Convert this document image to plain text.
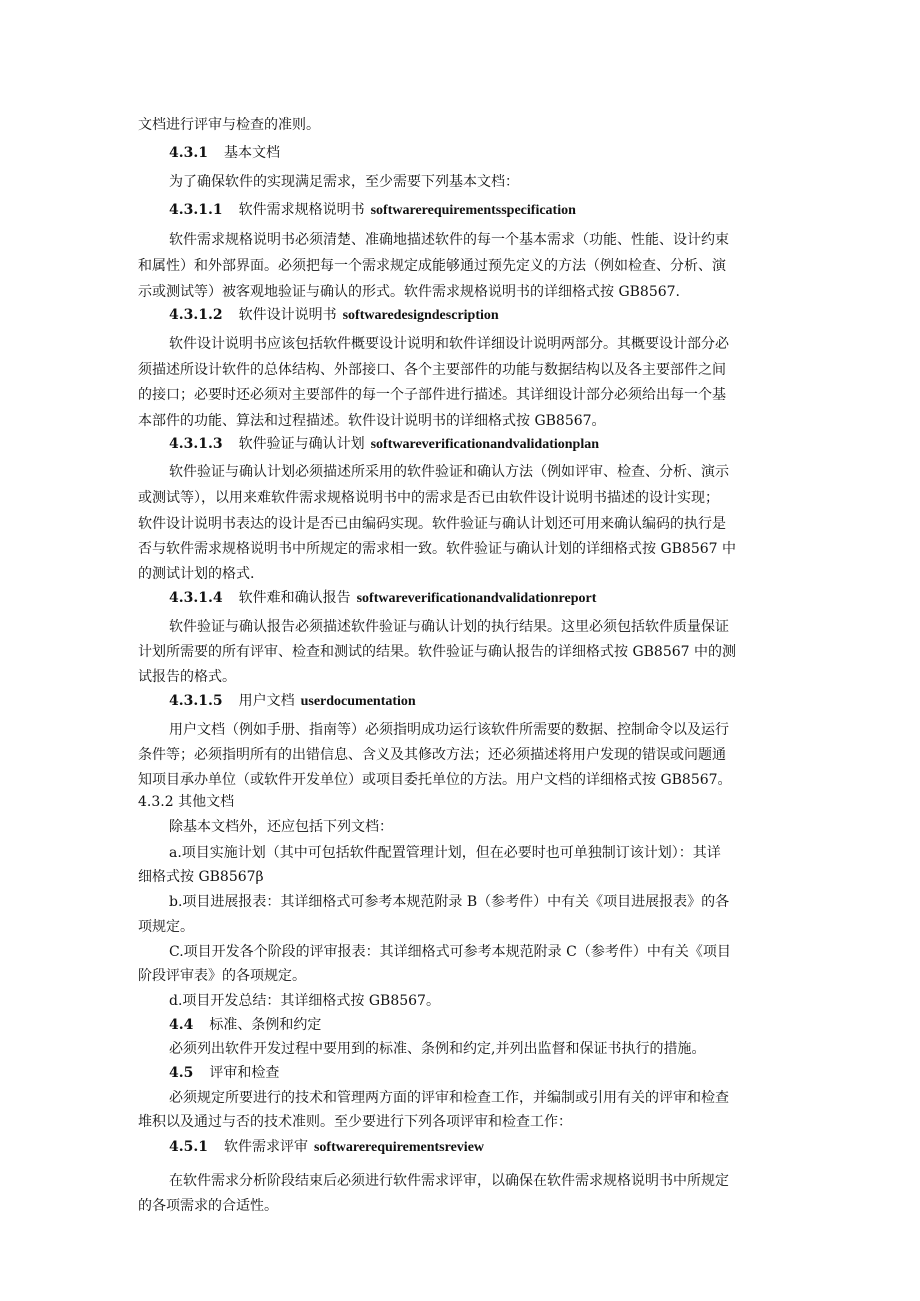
文档进行评审与检查的准则。
4.3.1 基本文档
为了确保软件的实现满足需求，至少需要下列基本文档：
4.3.1.1 软件需求规格说明书 softwarerequirementsspecification
软件需求规格说明书必须清楚、准确地描述软件的每一个基本需求（功能、性能、设计约束
和属性）和外部界面。必须把每一个需求规定成能够通过预先定义的方法（例如检查、分析、演
示或测试等）被客观地验证与确认的形式。软件需求规格说明书的详细格式按 GB8567.
4.3.1.2 软件设计说明书 softwaredesigndescription
软件设计说明书应该包括软件概要设计说明和软件详细设计说明两部分。其概要设计部分必
须描述所设计软件的总体结构、外部接口、各个主要部件的功能与数据结构以及各主要部件之间
的接口；必要时还必须对主要部件的每一个子部件进行描述。其详细设计部分必须给出每一个基
本部件的功能、算法和过程描述。软件设计说明书的详细格式按 GB8567。
4.3.1.3 软件验证与确认计划 softwareverificationandvalidationplan
软件验证与确认计划必须描述所采用的软件验证和确认方法（例如评审、检查、分析、演示
或测试等），以用来难软件需求规格说明书中的需求是否已由软件设计说明书描述的设计实现；
软件设计说明书表达的设计是否已由编码实现。软件验证与确认计划还可用来确认编码的执行是
否与软件需求规格说明书中所规定的需求相一致。软件验证与确认计划的详细格式按 GB8567 中
的测试计划的格式.
4.3.1.4 软件难和确认报告 softwareverificationandvalidationreport
软件验证与确认报告必须描述软件验证与确认计划的执行结果。这里必须包括软件质量保证
计划所需要的所有评审、检查和测试的结果。软件验证与确认报告的详细格式按 GB8567 中的测
试报告的格式。
4.3.1.5 用户文档 userdocumentation
用户文档（例如手册、指南等）必须指明成功运行该软件所需要的数据、控制命令以及运行
条件等；必须指明所有的出错信息、含义及其修改方法；还必须描述将用户发现的错误或问题通
知项目承办单位（或软件开发单位）或项目委托单位的方法。用户文档的详细格式按 GB8567。
4.3.2 其他文档
除基本文档外，还应包括下列文档：
a.项目实施计划（其中可包括软件配置管理计划，但在必要时也可单独制订该计划）：其详
细格式按 GB8567β
b.项目进展报表：其详细格式可参考本规范附录 B（参考件）中有关《项目进展报表》的各
项规定。
C.项目开发各个阶段的评审报表：其详细格式可参考本规范附录 C（参考件）中有关《项目
阶段评审表》的各项规定。
d.项目开发总结：其详细格式按 GB8567。
4.4 标准、条例和约定
必须列出软件开发过程中要用到的标准、条例和约定,并列出监督和保证书执行的措施。
4.5 评审和检查
必须规定所要进行的技术和管理两方面的评审和检查工作，并编制或引用有关的评审和检查
堆积以及通过与否的技术准则。至少要进行下列各项评审和检查工作：
4.5.1 软件需求评审 softwarerequirementsreview
在软件需求分析阶段结束后必须进行软件需求评审，以确保在软件需求规格说明书中所规定
的各项需求的合适性。
